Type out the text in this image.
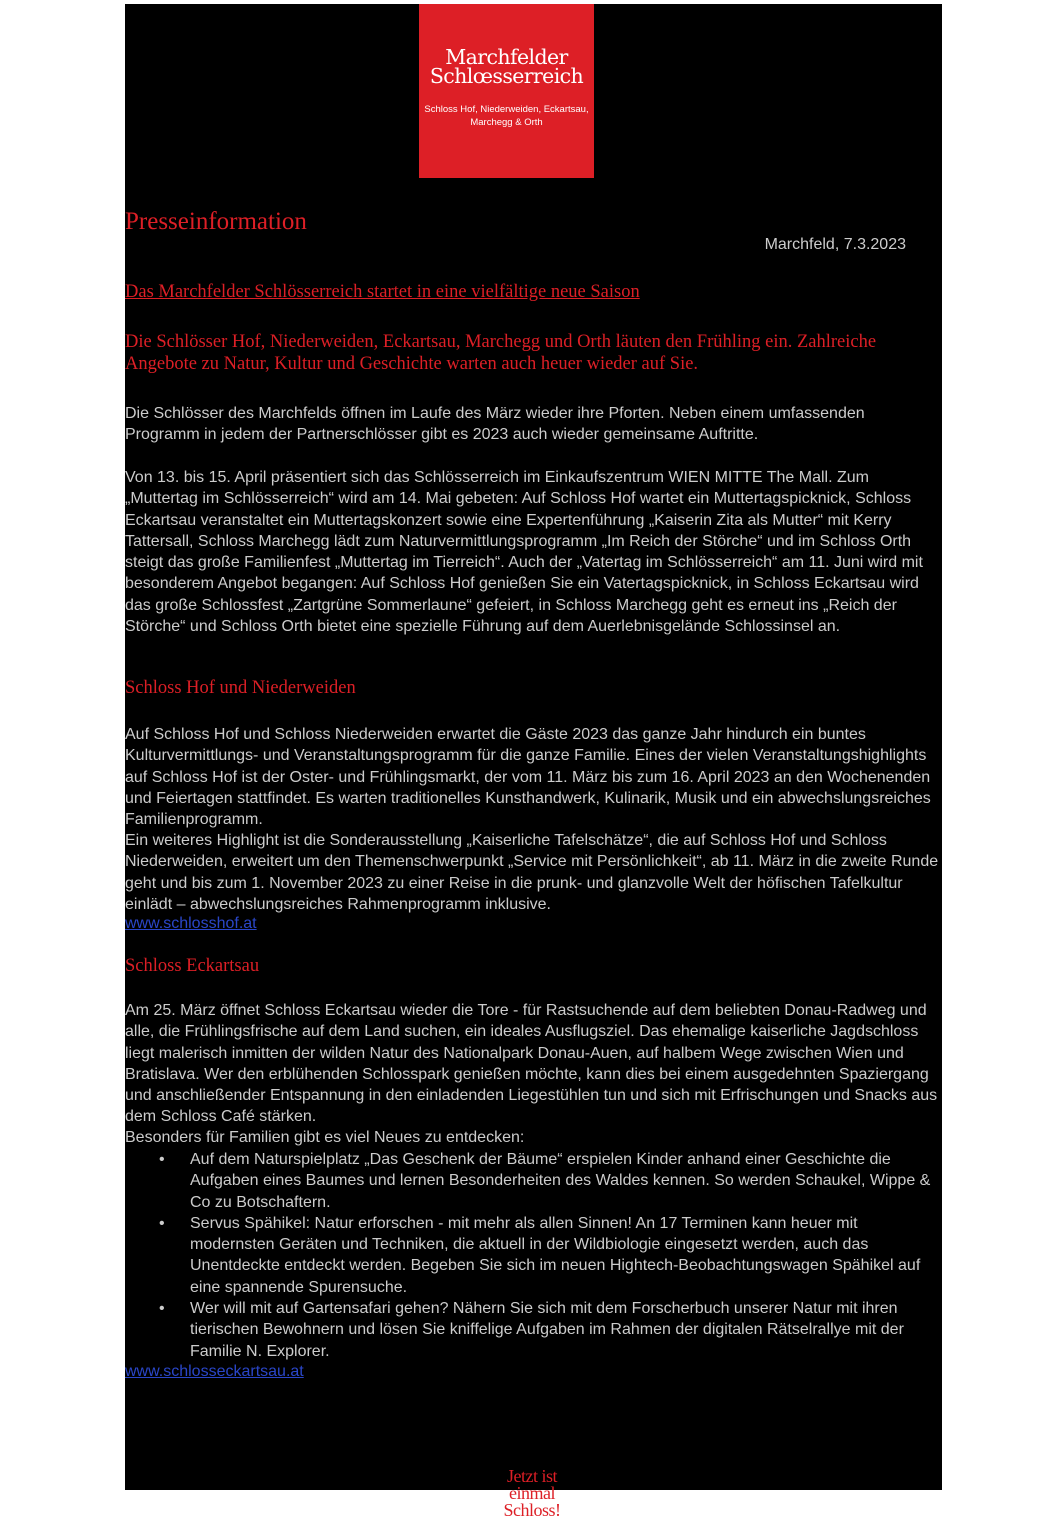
Marchfelder
Schlœsserreich
Schloss Hof, Niederweiden, Eckartsau,
Marchegg & Orth
Presseinformation
Marchfeld, 7.3.2023
Das Marchfelder Schlösserreich startet in eine vielfältige neue Saison
Die Schlösser Hof, Niederweiden, Eckartsau, Marchegg und Orth läuten den Frühling ein. Zahlreiche Angebote zu Natur, Kultur und Geschichte warten auch heuer wieder auf Sie.
Die Schlösser des Marchfelds öffnen im Laufe des März wieder ihre Pforten. Neben einem umfassenden Programm in jedem der Partnerschlösser gibt es 2023 auch wieder gemeinsame Auftritte.
Von 13. bis 15. April präsentiert sich das Schlösserreich im Einkaufszentrum WIEN MITTE The Mall. Zum „Muttertag im Schlösserreich“ wird am 14. Mai gebeten: Auf Schloss Hof wartet ein Muttertagspicknick, Schloss Eckartsau veranstaltet ein Muttertagskonzert sowie eine Expertenführung „Kaiserin Zita als Mutter“ mit Kerry Tattersall, Schloss Marchegg lädt zum Naturvermittlungsprogramm „Im Reich der Störche“ und im Schloss Orth steigt das große Familienfest „Muttertag im Tierreich“. Auch der „Vatertag im Schlösserreich“ am 11. Juni wird mit besonderem Angebot begangen: Auf Schloss Hof genießen Sie ein Vatertagspicknick, in Schloss Eckartsau wird das große Schlossfest „Zartgrüne Sommerlaune“ gefeiert, in Schloss Marchegg geht es erneut ins „Reich der Störche“ und Schloss Orth bietet eine spezielle Führung auf dem Auerlebnisgelände Schlossinsel an.
Schloss Hof und Niederweiden
Auf Schloss Hof und Schloss Niederweiden erwartet die Gäste 2023 das ganze Jahr hindurch ein buntes Kulturvermittlungs- und Veranstaltungsprogramm für die ganze Familie. Eines der vielen Veranstaltungshighlights auf Schloss Hof ist der Oster- und Frühlingsmarkt, der vom 11. März bis zum 16. April 2023 an den Wochenenden und Feiertagen stattfindet. Es warten traditionelles Kunsthandwerk, Kulinarik, Musik und ein abwechslungsreiches Familienprogramm.
Ein weiteres Highlight ist die Sonderausstellung „Kaiserliche Tafelschätze“, die auf Schloss Hof und Schloss Niederweiden, erweitert um den Themenschwerpunkt „Service mit Persönlichkeit“, ab 11. März in die zweite Runde geht und bis zum 1. November 2023 zu einer Reise in die prunk- und glanzvolle Welt der höfischen Tafelkultur einlädt – abwechslungsreiches Rahmenprogramm inklusive.
www.schlosshof.at
Schloss Eckartsau
Am 25. März öffnet Schloss Eckartsau wieder die Tore - für Rastsuchende auf dem beliebten Donau-Radweg und alle, die Frühlingsfrische auf dem Land suchen, ein ideales Ausflugsziel. Das ehemalige kaiserliche Jagdschloss liegt malerisch inmitten der wilden Natur des Nationalpark Donau-Auen, auf halbem Wege zwischen Wien und Bratislava. Wer den erblühenden Schlosspark genießen möchte, kann dies bei einem ausgedehnten Spaziergang und anschließender Entspannung in den einladenden Liegestühlen tun und sich mit Erfrischungen und Snacks aus dem Schloss Café stärken.
Besonders für Familien gibt es viel Neues zu entdecken:
• Auf dem Naturspielplatz „Das Geschenk der Bäume“ erspielen Kinder anhand einer Geschichte die Aufgaben eines Baumes und lernen Besonderheiten des Waldes kennen. So werden Schaukel, Wippe & Co zu Botschaftern.
• Servus Spähikel: Natur erforschen - mit mehr als allen Sinnen! An 17 Terminen kann heuer mit modernsten Geräten und Techniken, die aktuell in der Wildbiologie eingesetzt werden, auch das Unentdeckte entdeckt werden. Begeben Sie sich im neuen Hightech-Beobachtungswagen Spähikel auf eine spannende Spurensuche.
• Wer will mit auf Gartensafari gehen? Nähern Sie sich mit dem Forscherbuch unserer Natur mit ihren tierischen Bewohnern und lösen Sie kniffelige Aufgaben im Rahmen der digitalen Rätselrallye mit der Familie N. Explorer.
www.schlosseckartsau.at
Jetzt ist
einmal
Schloss!
